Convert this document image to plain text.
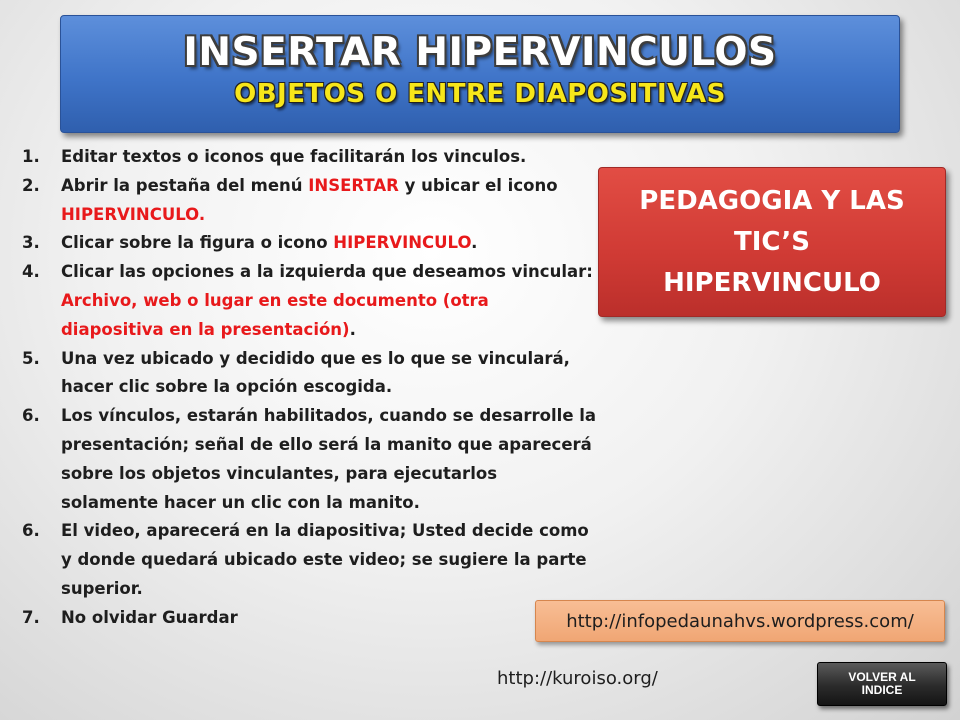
INSERTAR HIPERVINCULOS
OBJETOS O ENTRE DIAPOSITIVAS
1. Editar textos o iconos que facilitarán los vinculos.
2. Abrir la pestaña del menú INSERTAR y ubicar el icono HIPERVINCULO.
3. Clicar sobre la figura o icono HIPERVINCULO.
4. Clicar las opciones a la izquierda que deseamos vincular: Archivo, web o lugar en este documento (otra diapositiva en la presentación).
5. Una vez ubicado y decidido que es lo que se vinculará, hacer clic sobre la opción escogida.
6. Los vínculos, estarán habilitados, cuando se desarrolle la presentación; señal de ello será la manito que aparecerá sobre los objetos vinculantes, para ejecutarlos solamente hacer un clic con la manito.
6. El video, aparecerá en la diapositiva; Usted decide como y donde quedará ubicado este video; se sugiere la parte superior.
7. No olvidar Guardar
PEDAGOGIA Y LAS
TIC’S
HIPERVINCULO
http://infopedaunahvs.wordpress.com/
http://kuroiso.org/	VOLVER AL
INDICE
